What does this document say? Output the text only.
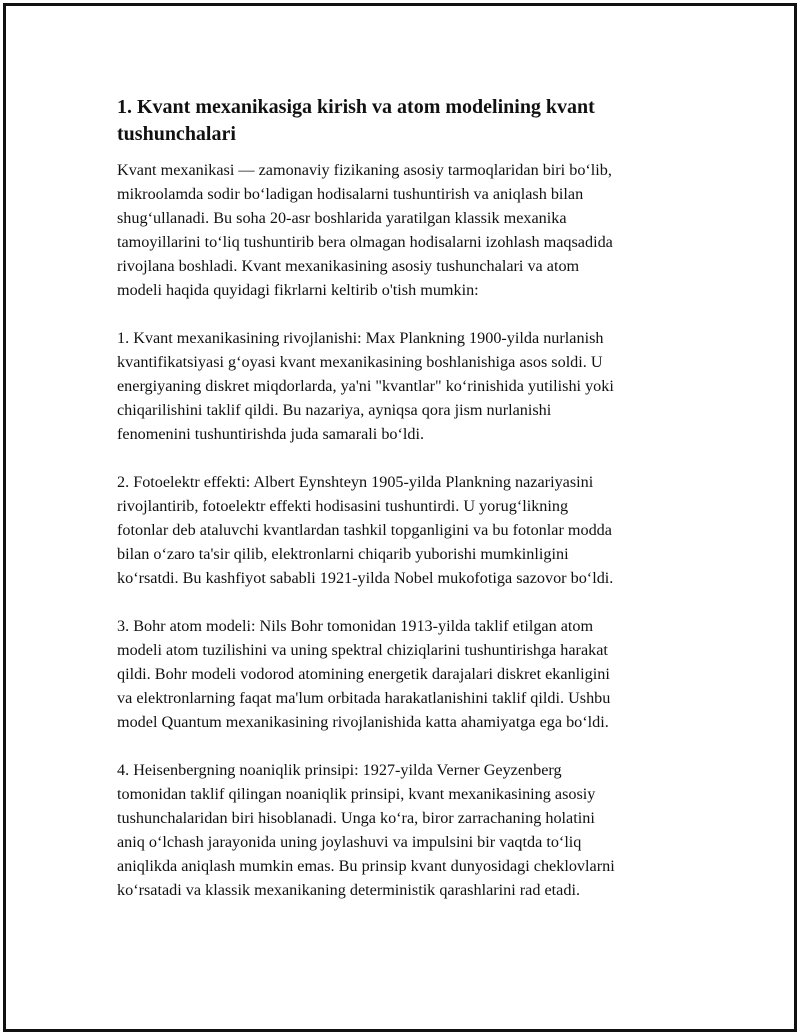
1. Kvant mexanikasiga kirish va atom modelining kvant
tushunchalari

Kvant mexanikasi — zamonaviy fizikaning asosiy tarmoqlaridan biri bo‘lib,
mikroolamda sodir bo‘ladigan hodisalarni tushuntirish va aniqlash bilan
shug‘ullanadi. Bu soha 20-asr boshlarida yaratilgan klassik mexanika
tamoyillarini to‘liq tushuntirib bera olmagan hodisalarni izohlash maqsadida
rivojlana boshladi. Kvant mexanikasining asosiy tushunchalari va atom
modeli haqida quyidagi fikrlarni keltirib o'tish mumkin:

1. Kvant mexanikasining rivojlanishi: Max Plankning 1900-yilda nurlanish
kvantifikatsiyasi g‘oyasi kvant mexanikasining boshlanishiga asos soldi. U
energiyaning diskret miqdorlarda, ya'ni "kvantlar" ko‘rinishida yutilishi yoki
chiqarilishini taklif qildi. Bu nazariya, ayniqsa qora jism nurlanishi
fenomenini tushuntirishda juda samarali bo‘ldi.

2. Fotoelektr effekti: Albert Eynshteyn 1905-yilda Plankning nazariyasini
rivojlantirib, fotoelektr effekti hodisasini tushuntirdi. U yorug‘likning
fotonlar deb ataluvchi kvantlardan tashkil topganligini va bu fotonlar modda
bilan o‘zaro ta'sir qilib, elektronlarni chiqarib yuborishi mumkinligini
ko‘rsatdi. Bu kashfiyot sababli 1921-yilda Nobel mukofotiga sazovor bo‘ldi.

3. Bohr atom modeli: Nils Bohr tomonidan 1913-yilda taklif etilgan atom
modeli atom tuzilishini va uning spektral chiziqlarini tushuntirishga harakat
qildi. Bohr modeli vodorod atomining energetik darajalari diskret ekanligini
va elektronlarning faqat ma'lum orbitada harakatlanishini taklif qildi. Ushbu
model Quantum mexanikasining rivojlanishida katta ahamiyatga ega bo‘ldi.

4. Heisenbergning noaniqlik prinsipi: 1927-yilda Verner Geyzenberg
tomonidan taklif qilingan noaniqlik prinsipi, kvant mexanikasining asosiy
tushunchalaridan biri hisoblanadi. Unga ko‘ra, biror zarrachaning holatini
aniq o‘lchash jarayonida uning joylashuvi va impulsini bir vaqtda to‘liq
aniqlikda aniqlash mumkin emas. Bu prinsip kvant dunyosidagi cheklovlarni
ko‘rsatadi va klassik mexanikaning deterministik qarashlarini rad etadi.
